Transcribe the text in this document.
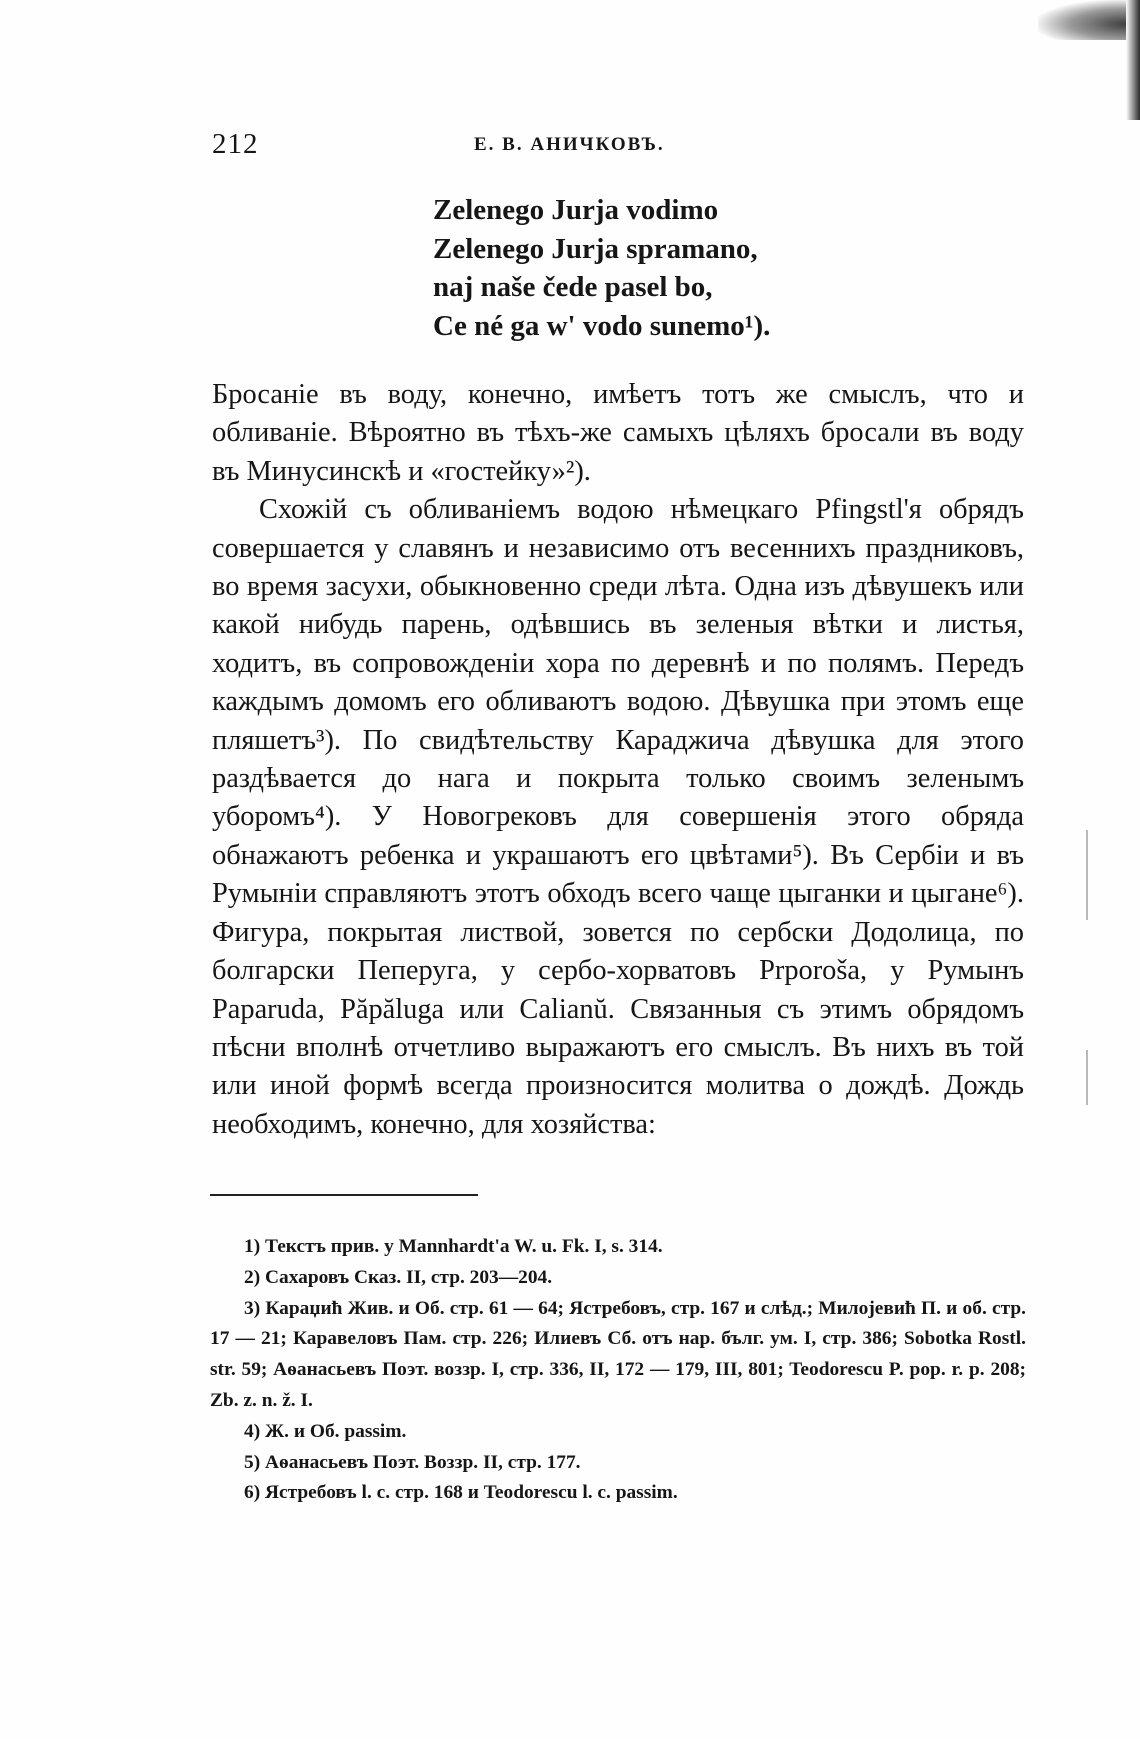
212	Е. В. АНИЧКОВЪ.
Zelenego Jurja vodimo
Zelenego Jurja spramano,
naj naše čede pasel bo,
Ce né ga w' vodo sunemo¹).

Бросаніе въ воду, конечно, имѣетъ тотъ же смыслъ, что и обливаніе. Вѣроятно въ тѣхъ-же самыхъ цѣляхъ бросали въ воду въ Минусинскѣ и «гостейку»²).

Схожій съ обливаніемъ водою нѣмецкаго Pfingstl'я обрядъ совершается у славянъ и независимо отъ весеннихъ праздниковъ, во время засухи, обыкновенно среди лѣта. Одна изъ дѣвушекъ или какой нибудь парень, одѣвшись въ зеленыя вѣтки и листья, ходитъ, въ сопровожденіи хора по деревнѣ и по полямъ. Передъ каждымъ домомъ его обливаютъ водою. Дѣвушка при этомъ еще пляшетъ³). По свидѣтельству Караджича дѣвушка для этого раздѣвается до нага и покрыта только своимъ зеленымъ уборомъ⁴). У Новогрековъ для совершенія этого обряда обнажаютъ ребенка и украшаютъ его цвѣтами⁵). Въ Сербіи и въ Румыніи справляютъ этотъ обходъ всего чаще цыганки и цыгане⁶). Фигура, покрытая листвой, зовется по сербски Додолица, по болгарски Пеперуга, у сербо-хорватовъ Prporoša, у Румынъ Paparuda, Păpăluga или Calianŭ. Связанныя съ этимъ обрядомъ пѣсни вполнѣ отчетливо выражаютъ его смыслъ. Въ нихъ въ той или иной формѣ всегда произносится молитва о дождѣ. Дождь необходимъ, конечно, для хозяйства:

1) Текстъ прив. у Mannhardt'a W. u. Fk. I, s. 314.

2) Сахаровъ Сказ. II, стр. 203—204.

3) Караџић Жив. и Об. стр. 61 — 64; Ястребовъ, стр. 167 и слѣд.; Милојевић П. и об. стр. 17 — 21; Каравеловъ Пам. стр. 226; Илиевъ Сб. отъ нар. бълг. ум. I, стр. 386; Sobotka Rostl. str. 59; Аѳанасьевъ Поэт. воззр. I, стр. 336, II, 172 — 179, III, 801; Teodorescu P. pop. r. p. 208; Zb. z. n. ž. I.

4) Ж. и Об. passim.

5) Аѳанасьевъ Поэт. Воззр. II, стр. 177.

6) Ястребовъ l. c. стр. 168 и Teodorescu l. c. passim.
